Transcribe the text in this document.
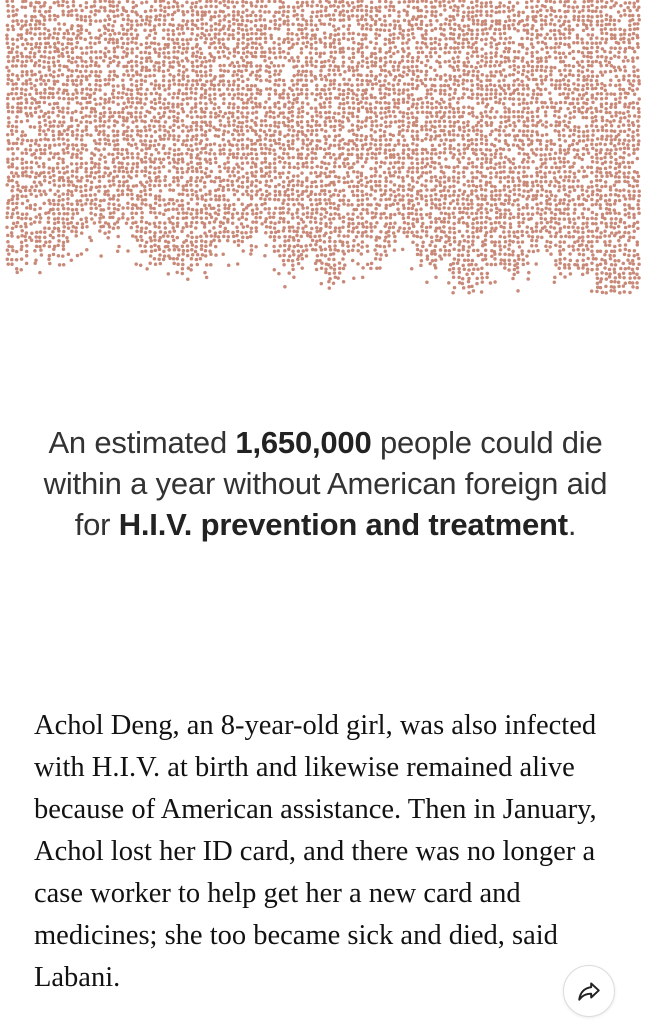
An estimated 1,650,000 people could die within a year without American foreign aid for H.I.V. prevention and treatment.

Achol Deng, an 8-year-old girl, was also infected with H.I.V. at birth and likewise remained alive because of American assistance. Then in January, Achol lost her ID card, and there was no longer a case worker to help get her a new card and medicines; she too became sick and died, said Labani.
